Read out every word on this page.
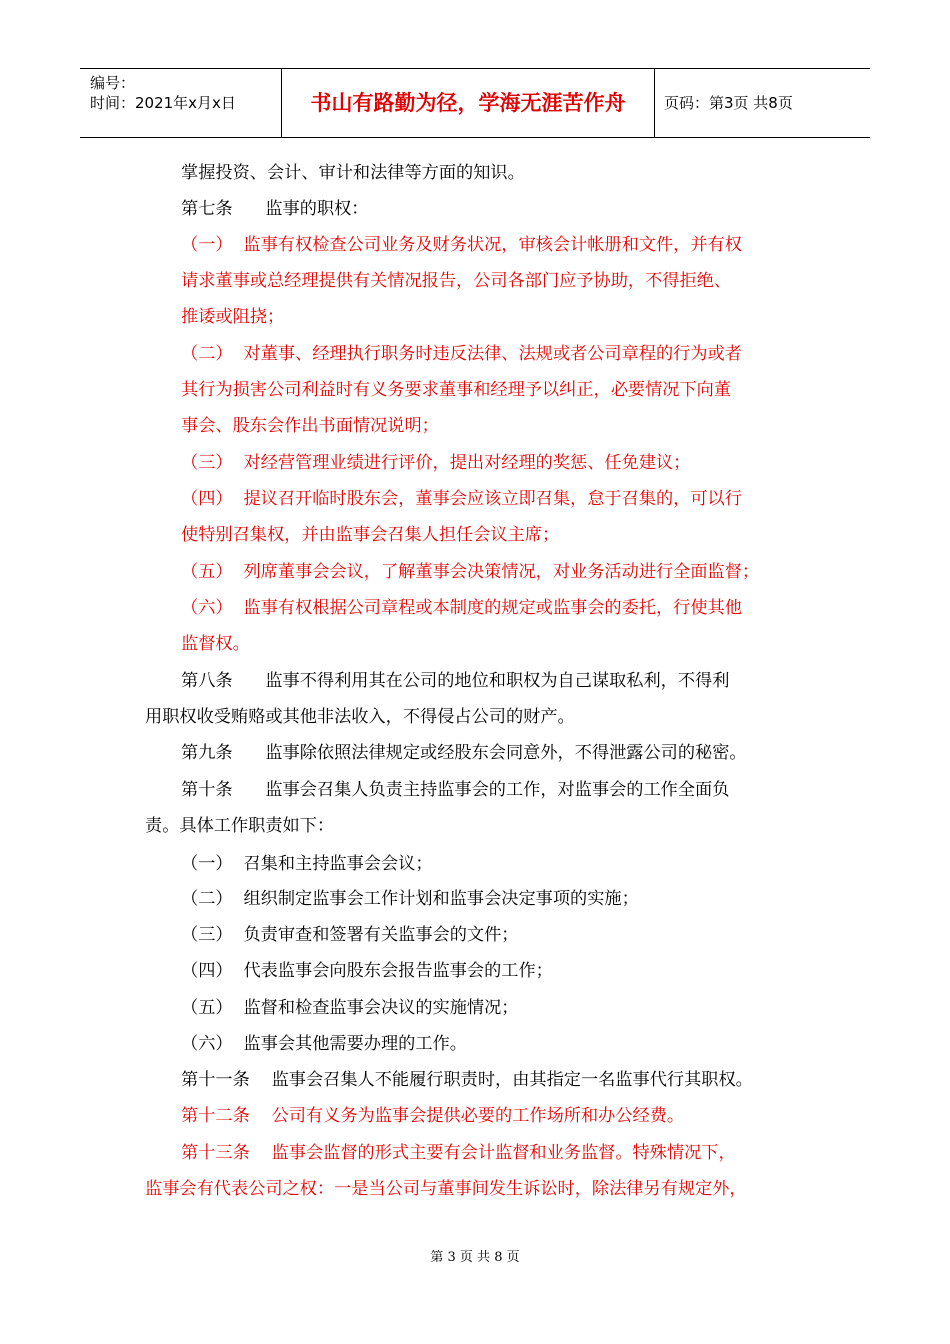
编号：
时间：2021年x月x日	书山有路勤为径，学海无涯苦作舟	页码：第3页 共8页
掌握投资、会计、审计和法律等方面的知识。
第七条      监事的职权：
（一）  监事有权检查公司业务及财务状况，审核会计帐册和文件，并有权
请求董事或总经理提供有关情况报告，公司各部门应予协助，不得拒绝、
推诿或阻挠；
（二）  对董事、经理执行职务时违反法律、法规或者公司章程的行为或者
其行为损害公司利益时有义务要求董事和经理予以纠正，必要情况下向董
事会、股东会作出书面情况说明；
（三）  对经营管理业绩进行评价，提出对经理的奖惩、任免建议；
（四）  提议召开临时股东会，董事会应该立即召集，怠于召集的，可以行
使特别召集权，并由监事会召集人担任会议主席；
（五）  列席董事会会议，了解董事会决策情况，对业务活动进行全面监督；
（六）  监事有权根据公司章程或本制度的规定或监事会的委托，行使其他
监督权。
第八条      监事不得利用其在公司的地位和职权为自己谋取私利，不得利
用职权收受贿赂或其他非法收入，不得侵占公司的财产。
第九条      监事除依照法律规定或经股东会同意外，不得泄露公司的秘密。
第十条      监事会召集人负责主持监事会的工作，对监事会的工作全面负
责。具体工作职责如下：
（一）  召集和主持监事会会议；
（二）  组织制定监事会工作计划和监事会决定事项的实施；
（三）  负责审查和签署有关监事会的文件；
（四）  代表监事会向股东会报告监事会的工作；
（五）  监督和检查监事会决议的实施情况；
（六）  监事会其他需要办理的工作。
第十一条    监事会召集人不能履行职责时，由其指定一名监事代行其职权。
第十二条    公司有义务为监事会提供必要的工作场所和办公经费。
第十三条    监事会监督的形式主要有会计监督和业务监督。特殊情况下，
监事会有代表公司之权：一是当公司与董事间发生诉讼时，除法律另有规定外，
第 3 页 共 8 页
